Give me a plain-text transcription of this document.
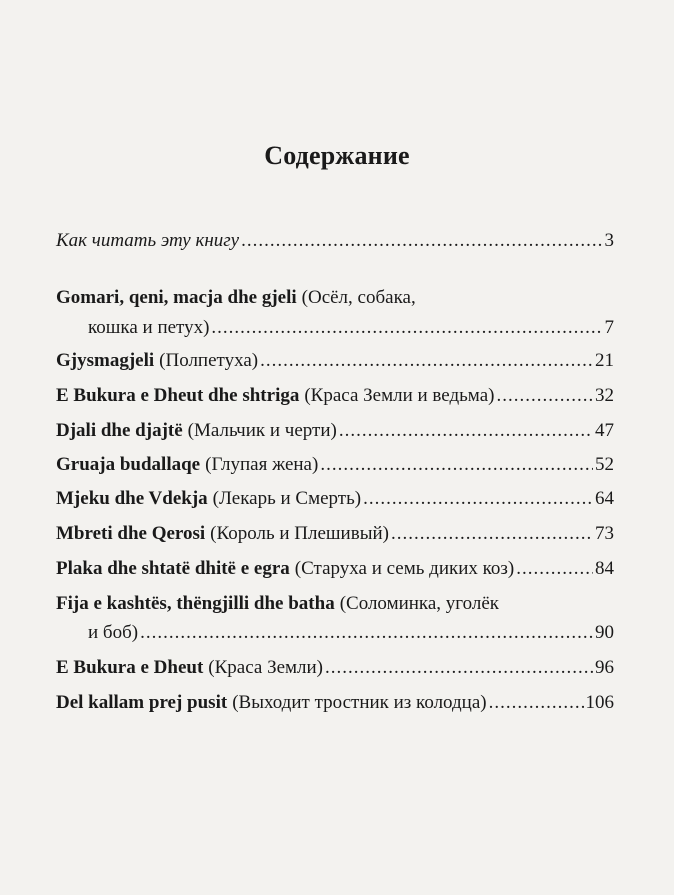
Содержание
Как читать эту книгу .....	3
Gomari, qeni, macja dhe gjeli (Осёл, собака,
кошка и петух) .....	7
Gjysmagjeli (Полпетуха) .....	21
E Bukura e Dheut dhe shtriga (Краса Земли и ведьма) .....	32
Djali dhe djajtë (Мальчик и черти) .....	47
Gruaja budallaqe (Глупая жена) .....	52
Mjeku dhe Vdekja (Лекарь и Смерть) .....	64
Mbreti dhe Qerosi (Король и Плешивый) .....	73
Plaka dhe shtatë dhitë e egra (Старуха и семь диких коз) .....	84
Fija e kashtës, thëngjilli dhe batha (Соломинка, уголёк
и боб) .....	90
E Bukura e Dheut (Краса Земли) .....	96
Del kallam prej pusit (Выходит тростник из колодца) .....	106
